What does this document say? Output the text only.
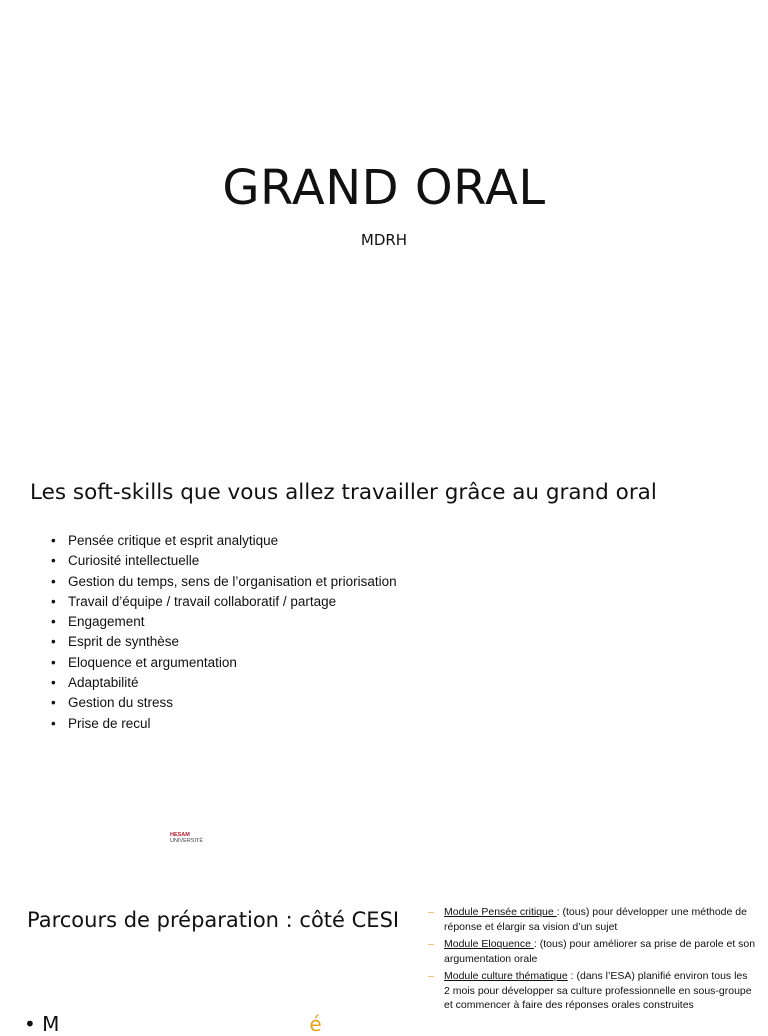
GRAND ORAL
MDRH
Les soft-skills que vous allez travailler grâce au grand oral
• Pensée critique et esprit analytique
• Curiosité intellectuelle
• Gestion du temps, sens de l’organisation et priorisation
• Travail d’équipe / travail collaboratif / partage
• Engagement
• Esprit de synthèse
• Eloquence et argumentation
• Adaptabilité
• Gestion du stress
• Prise de recul
HESAM
UNIVERSITÉ
Parcours de préparation : côté CESI	– Module Pensée critique : (tous) pour développer une méthode de réponse et élargir sa vision d’un sujet
– Module Eloquence : (tous) pour améliorer sa prise de parole et son argumentation orale
– Module culture thématique : (dans l’ESA) planifié environ tous les 2 mois pour développer sa culture professionnelle en sous-groupe et commencer à faire des réponses orales construites
• M	é
